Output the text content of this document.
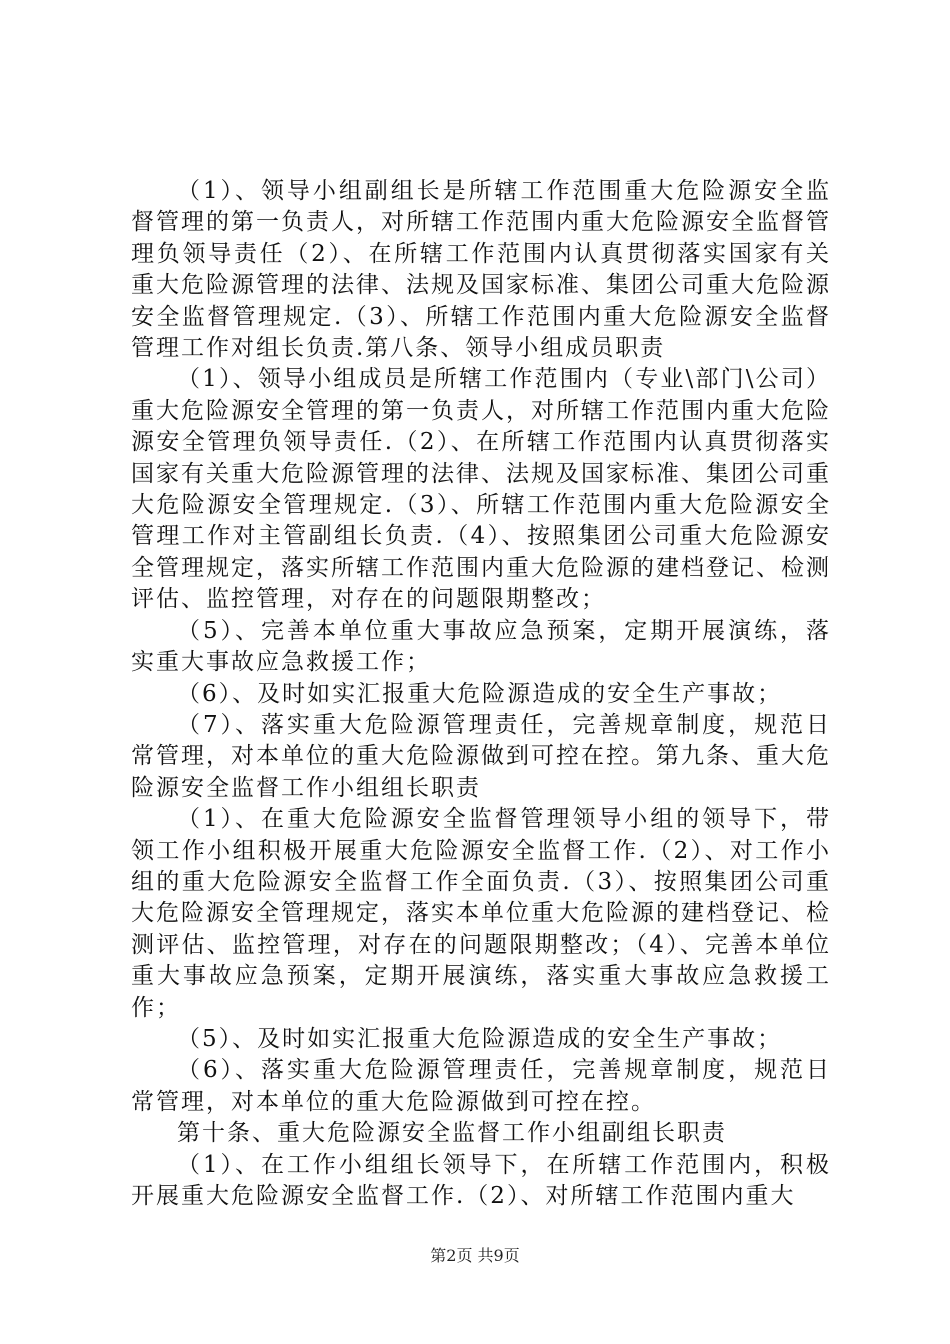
（1）、领导小组副组长是所辖工作范围重大危险源安全监督管理的第一负责人，对所辖工作范围内重大危险源安全监督管理负领导责任（2）、在所辖工作范围内认真贯彻落实国家有关重大危险源管理的法律、法规及国家标准、集团公司重大危险源安全监督管理规定.（3）、所辖工作范围内重大危险源安全监督管理工作对组长负责.第八条、领导小组成员职责

（1）、领导小组成员是所辖工作范围内（专业\部门\公司）重大危险源安全管理的第一负责人，对所辖工作范围内重大危险源安全管理负领导责任.（2）、在所辖工作范围内认真贯彻落实国家有关重大危险源管理的法律、法规及国家标准、集团公司重大危险源安全管理规定.（3）、所辖工作范围内重大危险源安全管理工作对主管副组长负责.（4）、按照集团公司重大危险源安全管理规定，落实所辖工作范围内重大危险源的建档登记、检测评估、监控管理，对存在的问题限期整改；

（5）、完善本单位重大事故应急预案，定期开展演练，落实重大事故应急救援工作；

（6）、及时如实汇报重大危险源造成的安全生产事故；

（7）、落实重大危险源管理责任，完善规章制度，规范日常管理，对本单位的重大危险源做到可控在控。第九条、重大危险源安全监督工作小组组长职责

（1）、在重大危险源安全监督管理领导小组的领导下，带领工作小组积极开展重大危险源安全监督工作.（2）、对工作小组的重大危险源安全监督工作全面负责.（3）、按照集团公司重大危险源安全管理规定，落实本单位重大危险源的建档登记、检测评估、监控管理，对存在的问题限期整改；（4）、完善本单位重大事故应急预案，定期开展演练，落实重大事故应急救援工作；

（5）、及时如实汇报重大危险源造成的安全生产事故；

（6）、落实重大危险源管理责任，完善规章制度，规范日常管理，对本单位的重大危险源做到可控在控。

第十条、重大危险源安全监督工作小组副组长职责

（1）、在工作小组组长领导下，在所辖工作范围内，积极开展重大危险源安全监督工作.（2）、对所辖工作范围内重大

第2页 共9页
